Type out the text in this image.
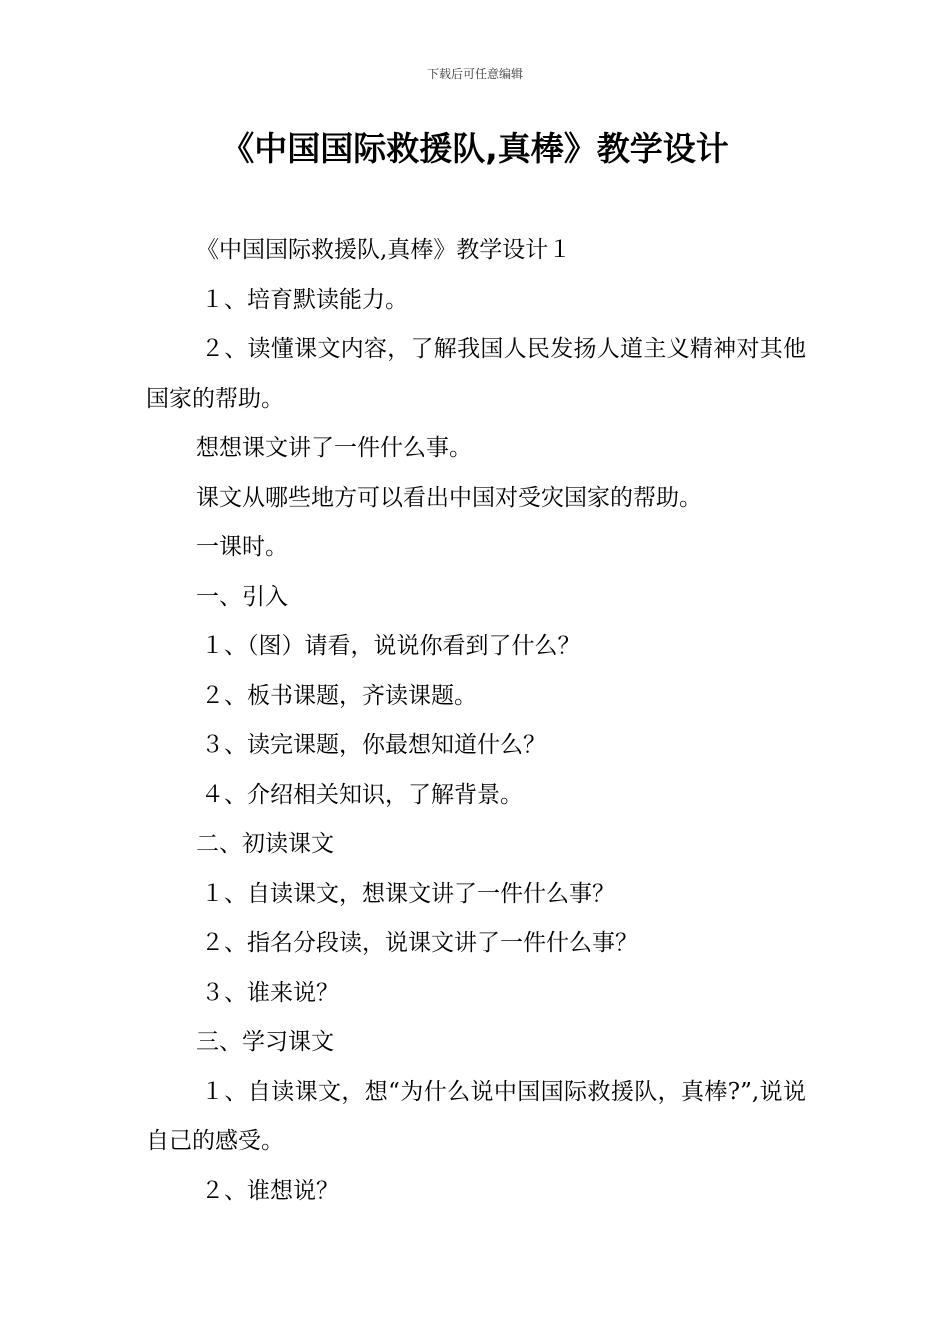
下载后可任意编辑
《中国国际救援队,真棒》教学设计

《中国国际救援队,真棒》教学设计１

１、培育默读能力。

２、读懂课文内容，了解我国人民发扬人道主义精神对其他国家的帮助。

想想课文讲了一件什么事。

课文从哪些地方可以看出中国对受灾国家的帮助。

一课时。

一、引入

１、（图）请看，说说你看到了什么？

２、板书课题，齐读课题。

３、读完课题，你最想知道什么？

４、介绍相关知识，了解背景。

二、初读课文

１、自读课文，想课文讲了一件什么事？

２、指名分段读，说课文讲了一件什么事？

３、谁来说？

三、学习课文

１、自读课文，想“为什么说中国国际救援队，真棒?”,说说自己的感受。

２、谁想说？
